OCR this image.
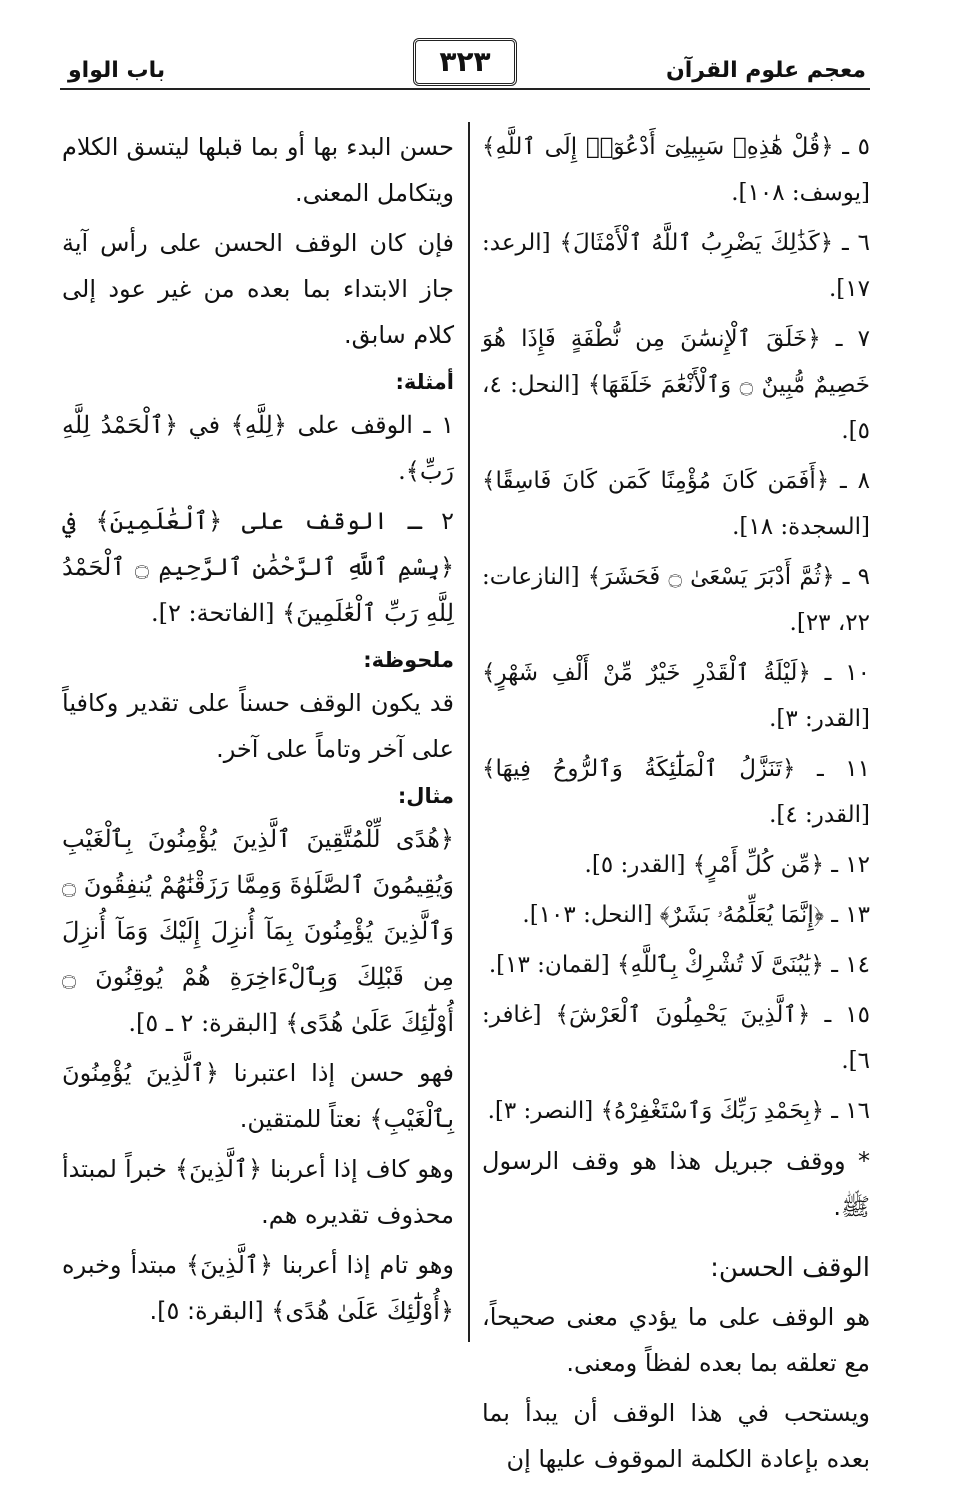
باب الواو	٣٢٣	معجم علوم القرآن
٥ ـ ﴿قُلْ هَٰذِهِۦ سَبِيلِىٓ أَدْعُوٓا۟ إِلَى ٱللَّهِ﴾ [يوسف: ١٠٨].
٦ ـ ﴿كَذَٰلِكَ يَضْرِبُ ٱللَّهُ ٱلْأَمْثَالَ﴾ [الرعد: ١٧].
٧ ـ ﴿خَلَقَ ٱلْإِنسَٰنَ مِن نُّطْفَةٍ فَإِذَا هُوَ خَصِيمٌ مُّبِينٌ ۝ وَٱلْأَنْعَٰمَ خَلَقَهَا﴾ [النحل: ٤، ٥].
٨ ـ ﴿أَفَمَن كَانَ مُؤْمِنًا كَمَن كَانَ فَاسِقًا﴾ [السجدة: ١٨].
٩ ـ ﴿ثُمَّ أَدْبَرَ يَسْعَىٰ ۝ فَحَشَرَ﴾ [النازعات: ٢٢، ٢٣].
١٠ ـ ﴿لَيْلَةُ ٱلْقَدْرِ خَيْرٌ مِّنْ أَلْفِ شَهْرٍ﴾ [القدر: ٣].
١١ ـ ﴿تَنَزَّلُ ٱلْمَلَٰٓئِكَةُ وَٱلرُّوحُ فِيهَا﴾ [القدر: ٤].
١٢ ـ ﴿مِّن كُلِّ أَمْرٍ﴾ [القدر: ٥].
١٣ ـ ﴿إِنَّمَا يُعَلِّمُهُۥ بَشَرٌ﴾ [النحل: ١٠٣].
١٤ ـ ﴿يَٰبُنَىَّ لَا تُشْرِكْ بِٱللَّهِ﴾ [لقمان: ١٣].
١٥ ـ ﴿ٱلَّذِينَ يَحْمِلُونَ ٱلْعَرْشَ﴾ [غافر: ٦].
١٦ ـ ﴿بِحَمْدِ رَبِّكَ وَٱسْتَغْفِرْهُ﴾ [النصر: ٣].
* ووقف جبريل هذا هو وقف الرسول ﷺ.
الوقف الحسن:
هو الوقف على ما يؤدي معنى صحيحاً، مع تعلقه بما بعده لفظاً ومعنى.
ويستحب في هذا الوقف أن يبدأ بما بعده بإعادة الكلمة الموقوف عليها إن
حسن البدء بها أو بما قبلها ليتسق الكلام ويتكامل المعنى.
فإن كان الوقف الحسن على رأس آية جاز الابتداء بما بعده من غير عود إلى كلام سابق.
أمثلة:
١ ـ الوقف على ﴿لِلَّهِ﴾ في ﴿ٱلْحَمْدُ لِلَّهِ رَبِّ﴾.
٢ ـ الوقف على ﴿ٱلْعَٰلَمِينَ﴾ في ﴿بِسْمِ ٱللَّهِ ٱلرَّحْمَٰنِ ٱلرَّحِيمِ ۝ ٱلْحَمْدُ لِلَّهِ رَبِّ ٱلْعَٰلَمِينَ﴾ [الفاتحة: ٢].
ملحوظة:
قد يكون الوقف حسناً على تقدير وكافياً على آخر وتاماً على آخر.
مثال:
﴿هُدًى لِّلْمُتَّقِينَ ٱلَّذِينَ يُؤْمِنُونَ بِٱلْغَيْبِ وَيُقِيمُونَ ٱلصَّلَوٰةَ وَمِمَّا رَزَقْنَٰهُمْ يُنفِقُونَ ۝ وَٱلَّذِينَ يُؤْمِنُونَ بِمَآ أُنزِلَ إِلَيْكَ وَمَآ أُنزِلَ مِن قَبْلِكَ وَبِٱلْءَاخِرَةِ هُمْ يُوقِنُونَ ۝ أُوْلَٰٓئِكَ عَلَىٰ هُدًى﴾ [البقرة: ٢ ـ ٥].
فهو حسن إذا اعتبرنا ﴿ٱلَّذِينَ يُؤْمِنُونَ بِٱلْغَيْبِ﴾ نعتاً للمتقين.
وهو كاف إذا أعربنا ﴿ٱلَّذِينَ﴾ خبراً لمبتدأ محذوف تقديره هم.
وهو تام إذا أعربنا ﴿ٱلَّذِينَ﴾ مبتدأ وخبره ﴿أُوْلَٰٓئِكَ عَلَىٰ هُدًى﴾ [البقرة: ٥].
